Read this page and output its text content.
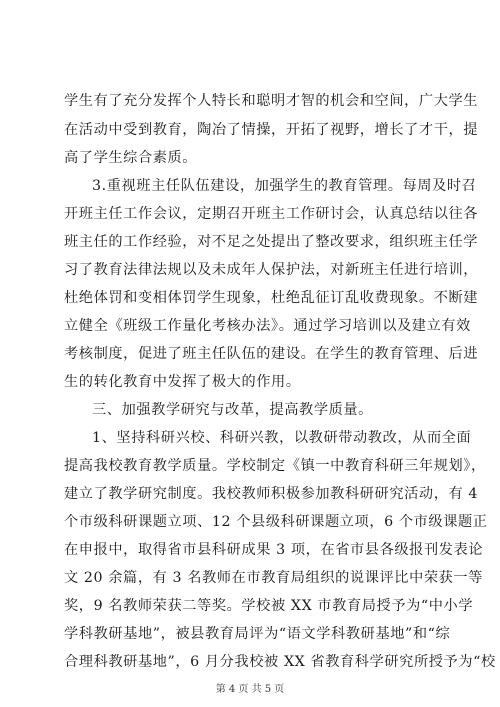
学生有了充分发挥个人特长和聪明才智的机会和空间，广大学生
在活动中受到教育，陶冶了情操，开拓了视野，增长了才干，提
高了学生综合素质。
3.重视班主任队伍建设，加强学生的教育管理。每周及时召
开班主任工作会议，定期召开班主工作研讨会，认真总结以往各
班主任的工作经验，对不足之处提出了整改要求，组织班主任学
习了教育法律法规以及未成年人保护法，对新班主任进行培训，
杜绝体罚和变相体罚学生现象，杜绝乱征订乱收费现象。不断建
立健全《班级工作量化考核办法》。通过学习培训以及建立有效
考核制度，促进了班主任队伍的建设。在学生的教育管理、后进
生的转化教育中发挥了极大的作用。
三、加强教学研究与改革，提高教学质量。
1、坚持科研兴校、科研兴教，以教研带动教改，从而全面
提高我校教育教学质量。学校制定《镇一中教育科研三年规划》，
建立了教学研究制度。我校教师积极参加教科研研究活动，有 4
个市级科研课题立项、12 个县级科研课题立项，6 个市级课题正
在申报中，取得省市县科研成果 3 项，在省市县各级报刊发表论
文 20 余篇，有 3 名教师在市教育局组织的说课评比中荣获一等
奖，9 名教师荣获二等奖。学校被 XX 市教育局授予为“中小学
学科教研基地”，被县教育局评为“语文学科教研基地”和“综
合理科教研基地”，6 月分我校被 XX 省教育科学研究所授予为“校
第 4 页 共 5 页
